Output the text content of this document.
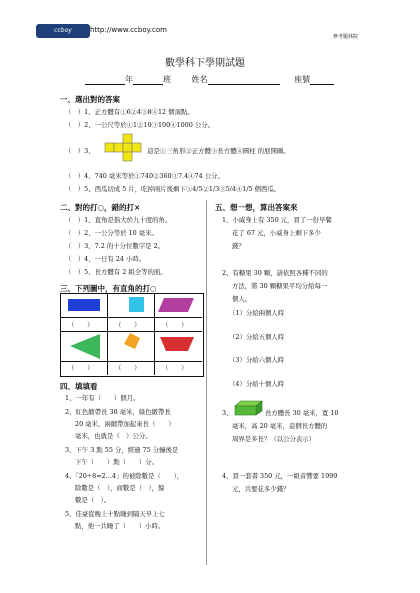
ccboy	http://www.ccboy.com
參考題林院
數學科下學期試題
年	班	姓名	座號
一、選出對的答案
（　）1、正方體有①6②4③8④12 個頂點。
（　）2、一公尺等於①1②10③100④1000 公分。
（　）3、	這是①三角形②正方體③長方體④圓柱 的展開圖。
（　）4、740 毫米等於①740②360③7.4④74 公分。
（　）5、西瓜切成 5 片，吃掉兩片後剩下①4/5②1/3③5/4④1/5 個西瓜。
二、對的打○，錯的打×
（　）1、直角是指大於九十度的角。
（　）2、一公分等於 10 毫米。
（　）3、7.2 的十分位數字是 2。
（　）4、一日有 24 小時。
（　）5、長方體有 2 組全等的面。
三、下列圖中，有直角的打○
（　　）	（　　）	（　　）
（　　）	（　　）	（　　）
四、填填看
1、一年有（　　）個月。
2、紅色緞帶長 30 毫米，綠色緞帶長
20 毫米，兩緞帶加起來長（　　）
毫米，也就是（　）公分。
3、下午 3 點 55 分，經過 75 分鐘後是
下午（　　）點（　　）分。
4、「20÷8=2…4」的被除數是（　　），
除數是（　），商數是（　），餘
數是（　）。
5、佳豪從晚上十點睡到隔天早上七
點，他一共睡了（　　）小時。
五、想一想，算出答案來
1、小威身上有 350 元，買了一份早餐
花了 67 元，小威身上剩下多少
錢？
2、有糖果 30 顆，請依照各種不同的
方法，將 30 顆糖果平均分給每一
個人。
（1）分給兩個人時
（2）分給五個人時
（3）分給六個人時
（4）分給十個人時
3、	長方體長 30 毫米，寬 10
毫米，高 20 毫米，這個長方體的
周界是多長？（以公分表示）
4、買一套書 350 元，一組音響要 1999
元，共要花多少錢？
